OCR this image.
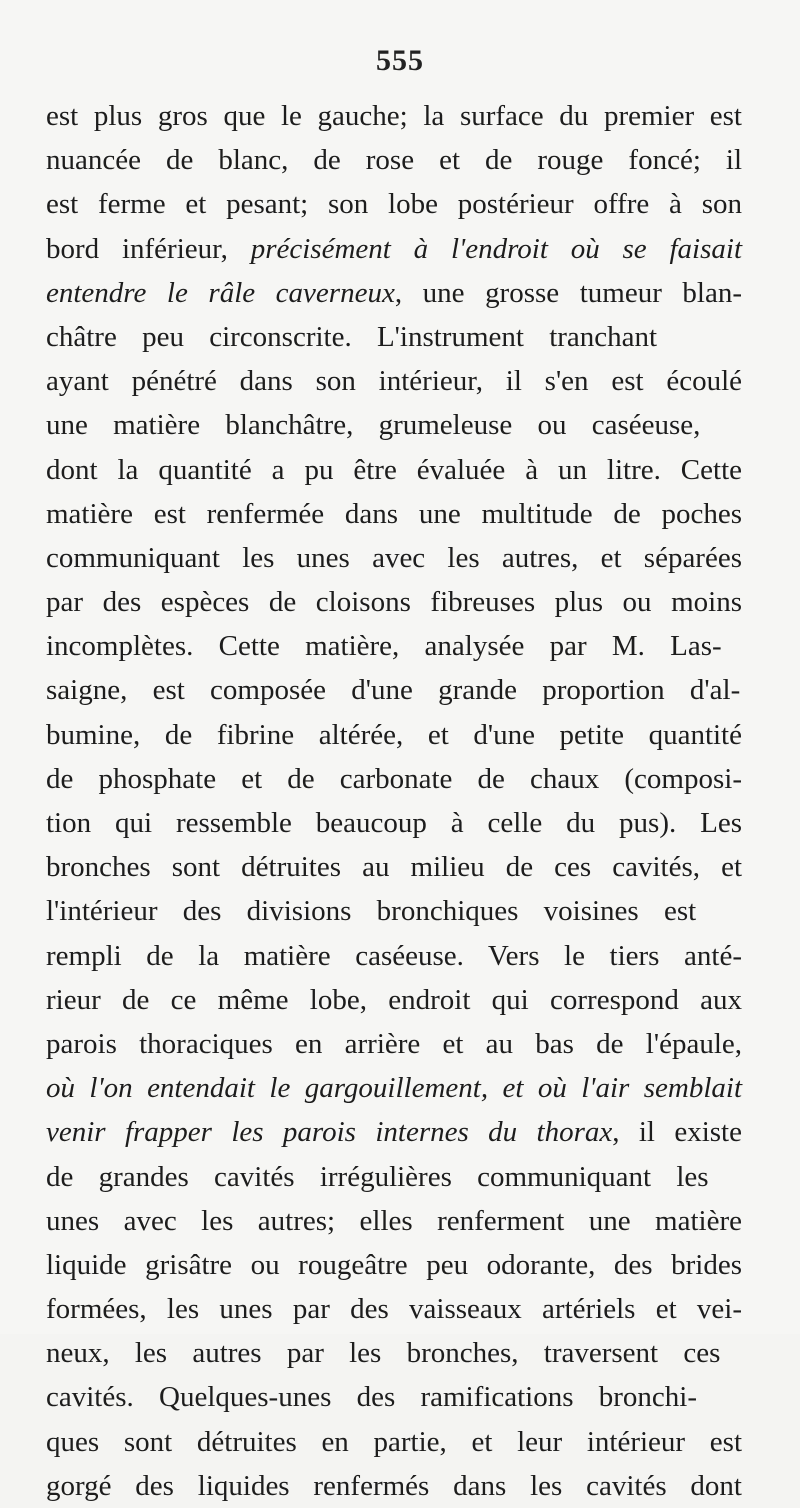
555
est plus gros que le gauche; la surface du premier est
nuancée de blanc, de rose et de rouge foncé; il
est ferme et pesant; son lobe postérieur offre à son
bord inférieur, précisément à l'endroit où se faisait
entendre le râle caverneux, une grosse tumeur blan-
châtre peu circonscrite. L'instrument tranchant
ayant pénétré dans son intérieur, il s'en est écoulé
une matière blanchâtre, grumeleuse ou caséeuse,
dont la quantité a pu être évaluée à un litre. Cette
matière est renfermée dans une multitude de poches
communiquant les unes avec les autres, et séparées
par des espèces de cloisons fibreuses plus ou moins
incomplètes. Cette matière, analysée par M. Las-
saigne, est composée d'une grande proportion d'al-
bumine, de fibrine altérée, et d'une petite quantité
de phosphate et de carbonate de chaux (composi-
tion qui ressemble beaucoup à celle du pus). Les
bronches sont détruites au milieu de ces cavités, et
l'intérieur des divisions bronchiques voisines est
rempli de la matière caséeuse. Vers le tiers anté-
rieur de ce même lobe, endroit qui correspond aux
parois thoraciques en arrière et au bas de l'épaule,
où l'on entendait le gargouillement, et où l'air semblait
venir frapper les parois internes du thorax, il existe
de grandes cavités irrégulières communiquant les
unes avec les autres; elles renferment une matière
liquide grisâtre ou rougeâtre peu odorante, des brides
formées, les unes par des vaisseaux artériels et vei-
neux, les autres par les bronches, traversent ces
cavités. Quelques-unes des ramifications bronchi-
ques sont détruites en partie, et leur intérieur est
gorgé des liquides renfermés dans les cavités dont
